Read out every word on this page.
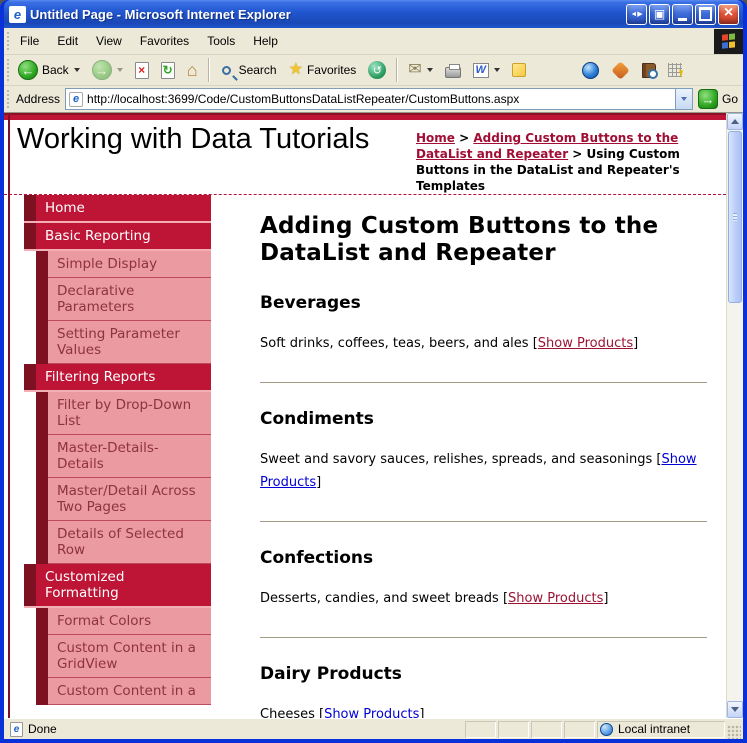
e Untitled Page - Microsoft Internet Explorer
◄▶
▣
×
File	Edit	View	Favorites	Tools	Help
←
Back → × ↻ ⌂	Search ★	Favorites ↺ ✉	W
Address	e
http://localhost:3699/Code/CustomButtonsDataListRepeater/CustomButtons.aspx →	Go
Working with Data Tutorials	Home > Adding Custom Buttons to the DataList and Repeater > Using Custom Buttons in the DataList and Repeater's Templates
Home
Basic Reporting
Simple Display
Declarative
Parameters
Setting Parameter
Values
Filtering Reports
Filter by Drop-Down
List
Master-Details-
Details
Master/Detail Across
Two Pages
Details of Selected
Row
Customized
Formatting
Format Colors
Custom Content in a
GridView
Custom Content in a
Adding Custom Buttons to the DataList and Repeater
Beverages

Soft drinks, coffees, teas, beers, and ales [Show Products]

Condiments

Sweet and savory sauces, relishes, spreads, and seasonings [Show Products]

Confections

Desserts, candies, and sweet breads [Show Products]

Dairy Products

Cheeses [Show Products]

e Done	Local intranet
